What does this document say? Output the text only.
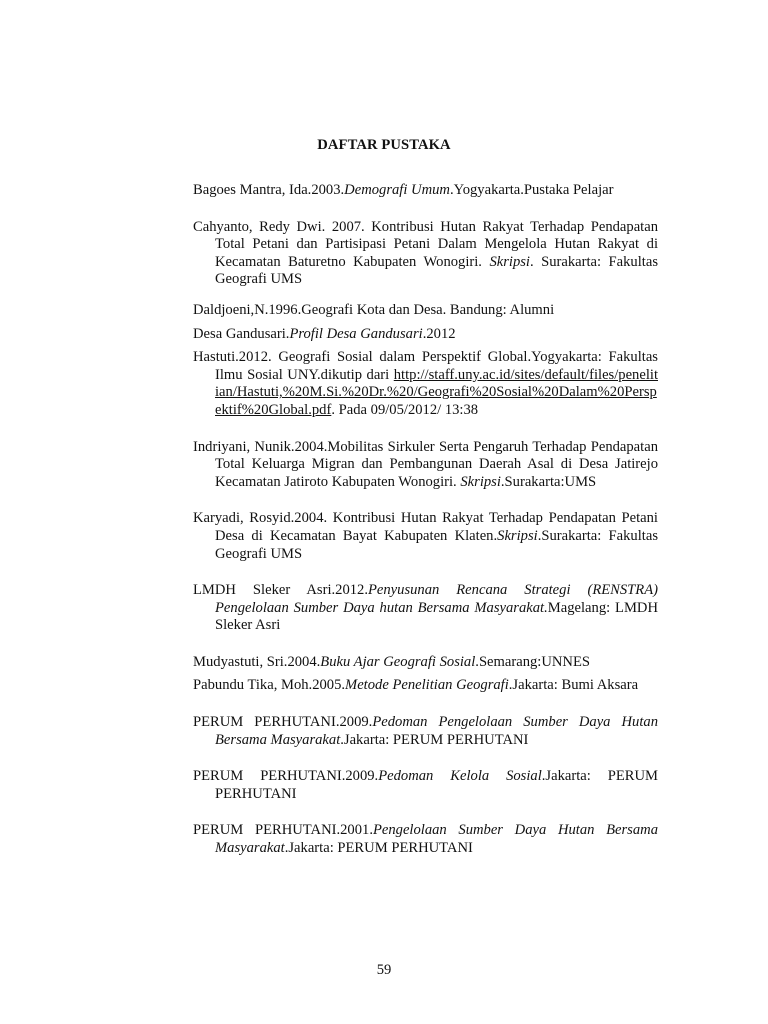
DAFTAR PUSTAKA
Bagoes Mantra, Ida.2003.Demografi Umum.Yogyakarta.Pustaka Pelajar
Cahyanto, Redy Dwi. 2007. Kontribusi Hutan Rakyat Terhadap Pendapatan Total Petani dan Partisipasi Petani Dalam Mengelola Hutan Rakyat di Kecamatan Baturetno Kabupaten Wonogiri. Skripsi. Surakarta: Fakultas Geografi UMS
Daldjoeni,N.1996.Geografi Kota dan Desa. Bandung: Alumni
Desa Gandusari.Profil Desa Gandusari.2012
Hastuti.2012. Geografi Sosial dalam Perspektif Global.Yogyakarta: Fakultas Ilmu Sosial UNY.dikutip dari http://staff.uny.ac.id/sites/default/files/penelitian/Hastuti,%20M.Si.%20Dr.%20/Geografi%20Sosial%20Dalam%20Perspektif%20Global.pdf. Pada 09/05/2012/ 13:38
Indriyani, Nunik.2004.Mobilitas Sirkuler Serta Pengaruh Terhadap Pendapatan Total Keluarga Migran dan Pembangunan Daerah Asal di Desa Jatirejo Kecamatan Jatiroto Kabupaten Wonogiri. Skripsi.Surakarta:UMS
Karyadi, Rosyid.2004. Kontribusi Hutan Rakyat Terhadap Pendapatan Petani Desa di Kecamatan Bayat Kabupaten Klaten.Skripsi.Surakarta: Fakultas Geografi UMS
LMDH Sleker Asri.2012.Penyusunan Rencana Strategi (RENSTRA) Pengelolaan Sumber Daya hutan Bersama Masyarakat.Magelang: LMDH Sleker Asri
Mudyastuti, Sri.2004.Buku Ajar Geografi Sosial.Semarang:UNNES
Pabundu Tika, Moh.2005.Metode Penelitian Geografi.Jakarta: Bumi Aksara
PERUM PERHUTANI.2009.Pedoman Pengelolaan Sumber Daya Hutan Bersama Masyarakat.Jakarta: PERUM PERHUTANI
PERUM PERHUTANI.2009.Pedoman Kelola Sosial.Jakarta: PERUM PERHUTANI
PERUM PERHUTANI.2001.Pengelolaan Sumber Daya Hutan Bersama Masyarakat.Jakarta: PERUM PERHUTANI
59
